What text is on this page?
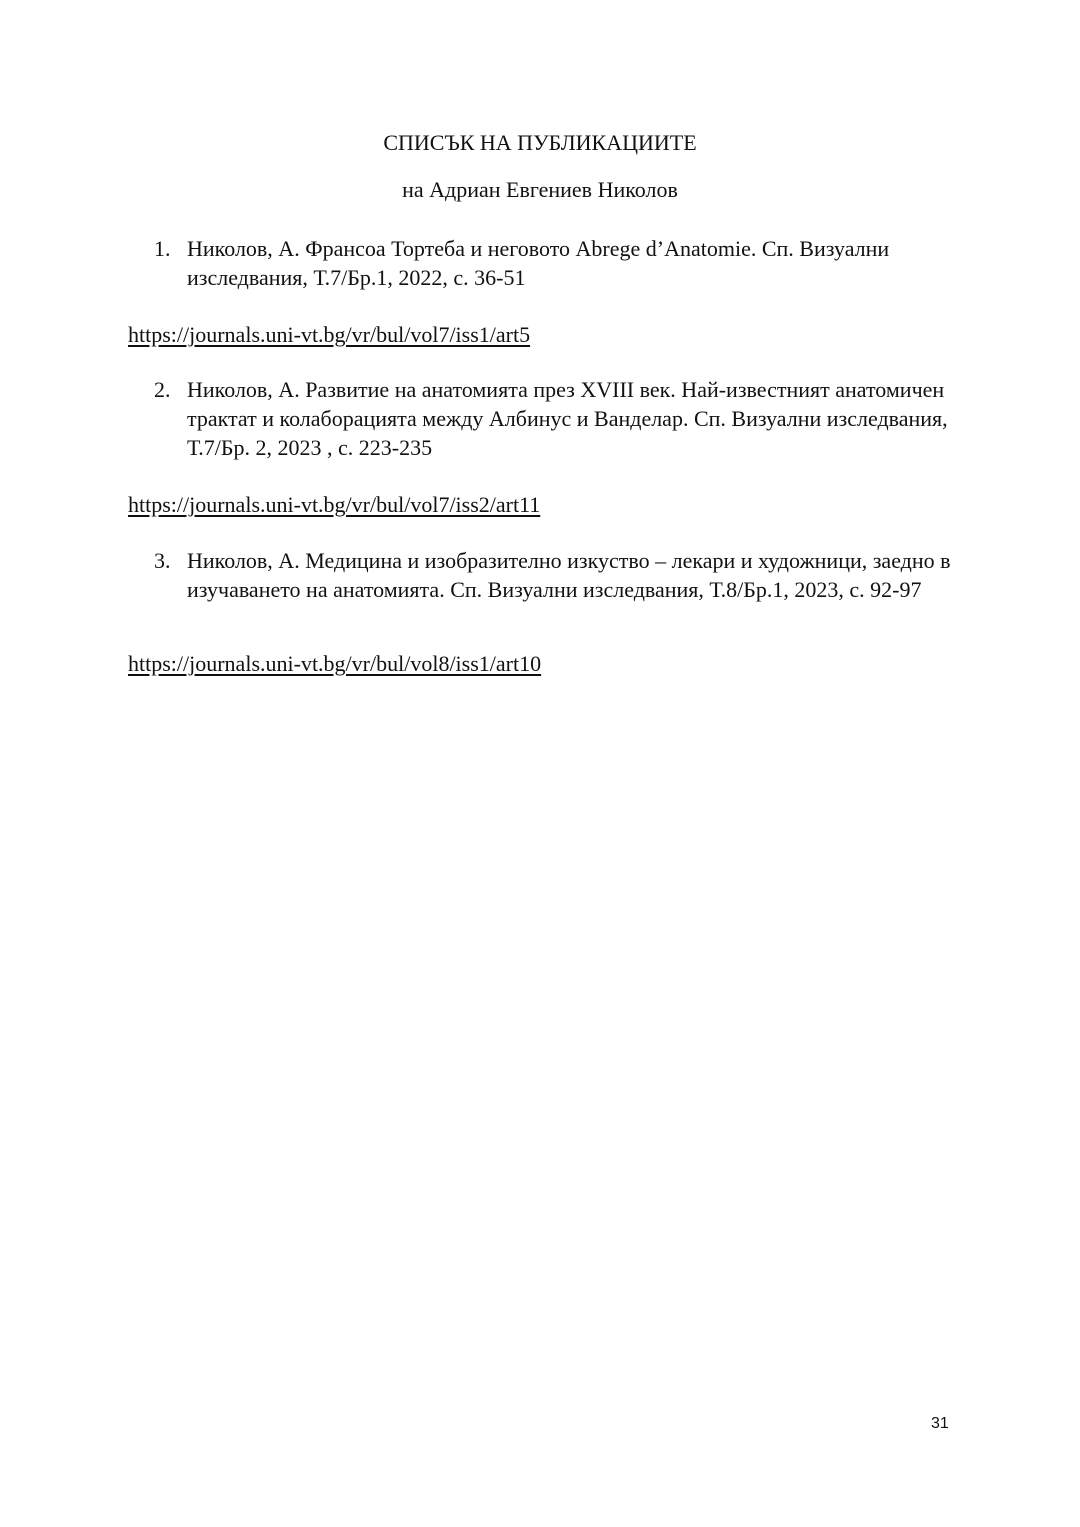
СПИСЪК НА ПУБЛИКАЦИИТЕ
на Адриан Евгениев Николов
1. Николов, А. Франсоа Тортеба и неговото Abrege d’Anatomie. Сп. Визуални изследвания, Т.7/Бр.1, 2022, с. 36-51
https://journals.uni-vt.bg/vr/bul/vol7/iss1/art5
2. Николов, А. Развитие на анатомията през XVIII век. Най-известният анатомичен трактат и колаборацията между Албинус и Ванделар. Сп. Визуални изследвания, Т.7/Бр. 2, 2023 , с. 223-235
https://journals.uni-vt.bg/vr/bul/vol7/iss2/art11
3. Николов, А. Медицина и изобразително изкуство – лекари и художници, заедно в изучаването на анатомията. Сп. Визуални изследвания, Т.8/Бр.1, 2023, с. 92-97
https://journals.uni-vt.bg/vr/bul/vol8/iss1/art10
31
